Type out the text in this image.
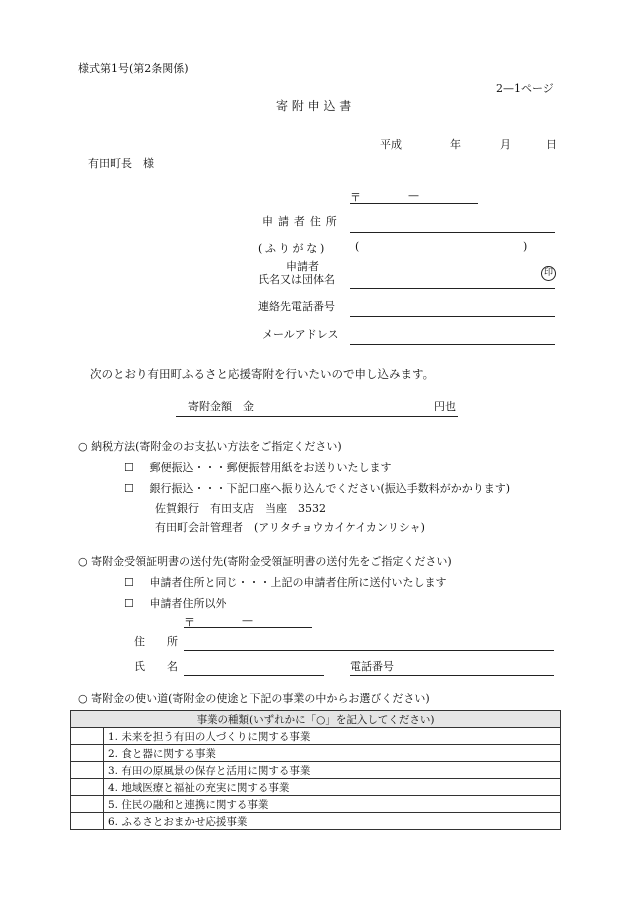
様式第1号(第2条関係)
2—1ページ
寄 附 申 込 書
平成	年	月	日
有田町長　様
〒	—
申請者住所
(ふりがな)	(	)
申請者
氏名又は団体名	印
連絡先電話番号
メールアドレス
次のとおり有田町ふるさと応援寄附を行いたいので申し込みます。
寄附金額　金	円也
○ 納税方法(寄附金のお支払い方法をご指定ください)
☐ 郵便振込・・・郵便振替用紙をお送りいたします
☐ 銀行振込・・・下記口座へ振り込んでください(振込手数料がかかります)
佐賀銀行　有田支店　当座　3532
有田町会計管理者　(アリタチョウカイケイカンリシャ)
○ 寄附金受領証明書の送付先(寄附金受領証明書の送付先をご指定ください)
☐ 申請者住所と同じ・・・上記の申請者住所に送付いたします
☐ 申請者住所以外
〒	—
住　　所
氏　　名	電話番号
○ 寄附金の使い道(寄附金の使途と下記の事業の中からお選びください)
事業の種類(いずれかに「○」を記入してください)	
	1. 未来を担う有田の人づくりに関する事業
	2. 食と器に関する事業
	3. 有田の原風景の保存と活用に関する事業
	4. 地域医療と福祉の充実に関する事業
	5. 住民の融和と連携に関する事業
	6. ふるさとおまかせ応援事業
